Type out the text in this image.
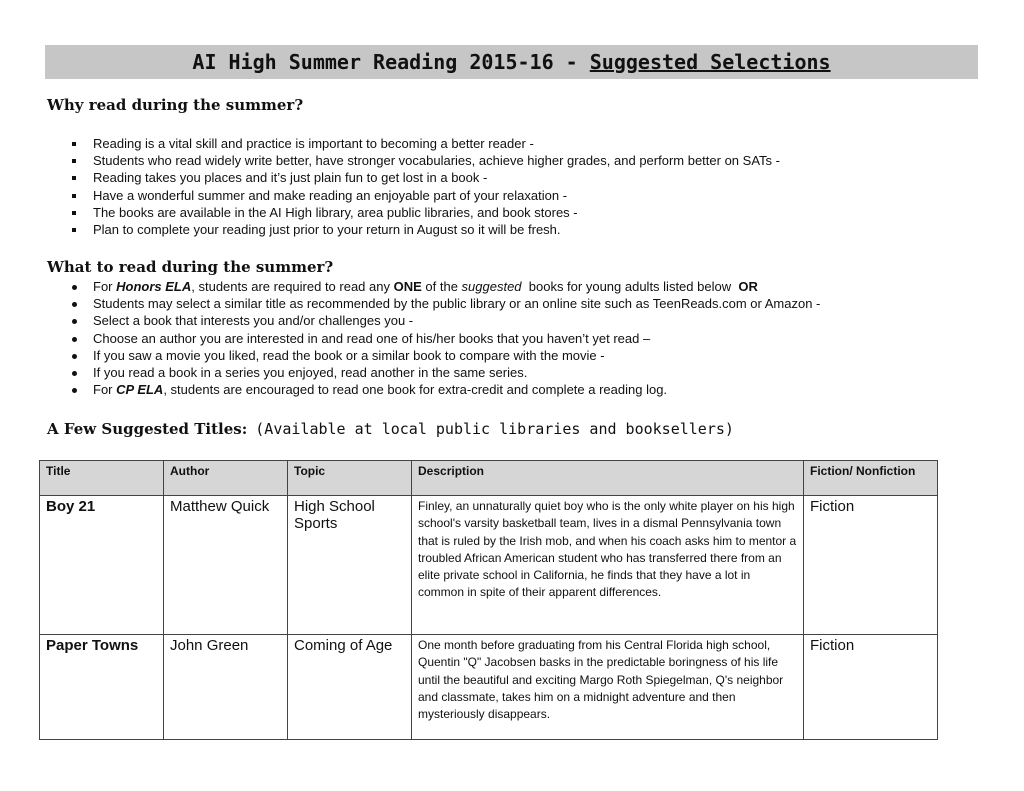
AI High Summer Reading 2015-16 - Suggested Selections
Why read during the summer?
Reading is a vital skill and practice is important to becoming a better reader -
Students who read widely write better, have stronger vocabularies, achieve higher grades, and perform better on SATs -
Reading takes you places and it’s just plain fun to get lost in a book -
Have a wonderful summer and make reading an enjoyable part of your relaxation -
The books are available in the AI High library, area public libraries, and book stores -
Plan to complete your reading just prior to your return in August so it will be fresh.
What to read during the summer?
For Honors ELA, students are required to read any ONE of the suggested  books for young adults listed below  OR
Students may select a similar title as recommended by the public library or an online site such as TeenReads.com or Amazon -
Select a book that interests you and/or challenges you -
Choose an author you are interested in and read one of his/her books that you haven’t yet read –
If you saw a movie you liked, read the book or a similar book to compare with the movie -
If you read a book in a series you enjoyed, read another in the same series.
For CP ELA, students are encouraged to read one book for extra-credit and complete a reading log.
A Few Suggested Titles: (Available at local public libraries and booksellers)
Title	Author	Topic	Description	Fiction/ Nonfiction
Boy 21	Matthew Quick	High School Sports	Finley, an unnaturally quiet boy who is the only white player on his high school's varsity basketball team, lives in a dismal Pennsylvania town that is ruled by the Irish mob, and when his coach asks him to mentor a troubled African American student who has transferred there from an elite private school in California, he finds that they have a lot in common in spite of their apparent differences.	Fiction
Paper Towns	John Green	Coming of Age	One month before graduating from his Central Florida high school, Quentin "Q" Jacobsen basks in the predictable boringness of his life until the beautiful and exciting Margo Roth Spiegelman, Q's neighbor and classmate, takes him on a midnight adventure and then mysteriously disappears.	Fiction
